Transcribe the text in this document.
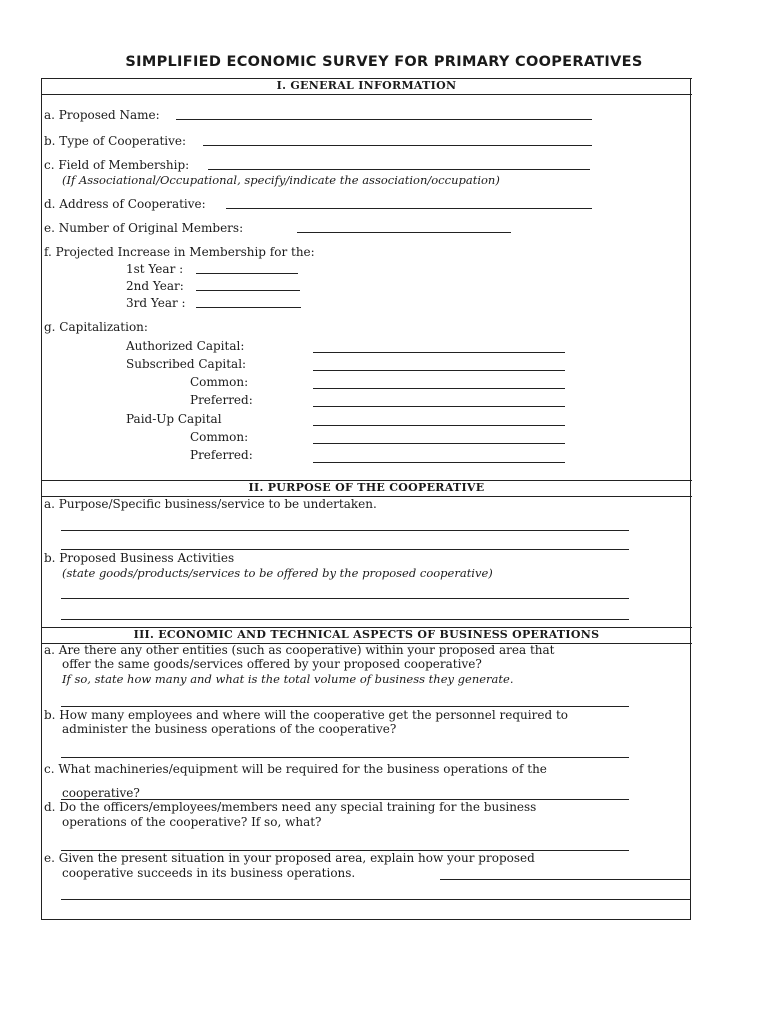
SIMPLIFIED ECONOMIC SURVEY FOR PRIMARY COOPERATIVES
I. GENERAL INFORMATION
a. Proposed Name:
b. Type of Cooperative:
c. Field of Membership:
(If Associational/Occupational, specify/indicate the association/occupation)
d. Address of Cooperative:
e. Number of Original Members:
f. Projected Increase in Membership for the:
1st Year :
2nd Year:
3rd Year :
g. Capitalization:
Authorized Capital:
Subscribed Capital:
Common:
Preferred:
Paid-Up Capital
Common:
Preferred:
II. PURPOSE OF THE COOPERATIVE
a. Purpose/Specific business/service to be undertaken.
b. Proposed Business Activities
(state goods/products/services to be offered by the proposed cooperative)
III. ECONOMIC AND TECHNICAL ASPECTS OF BUSINESS OPERATIONS
a. Are there any other entities (such as cooperative) within your proposed area that
offer the same goods/services offered by your proposed cooperative?
If so, state how many and what is the total volume of business they generate.
b. How many employees and where will the cooperative get the personnel required to
administer the business operations of the cooperative?
c. What machineries/equipment will be required for the business operations of the
cooperative?
d. Do the officers/employees/members need any special training for the business
operations of the cooperative? If so, what?
e. Given the present situation in your proposed area, explain how your proposed
cooperative succeeds in its business operations.
